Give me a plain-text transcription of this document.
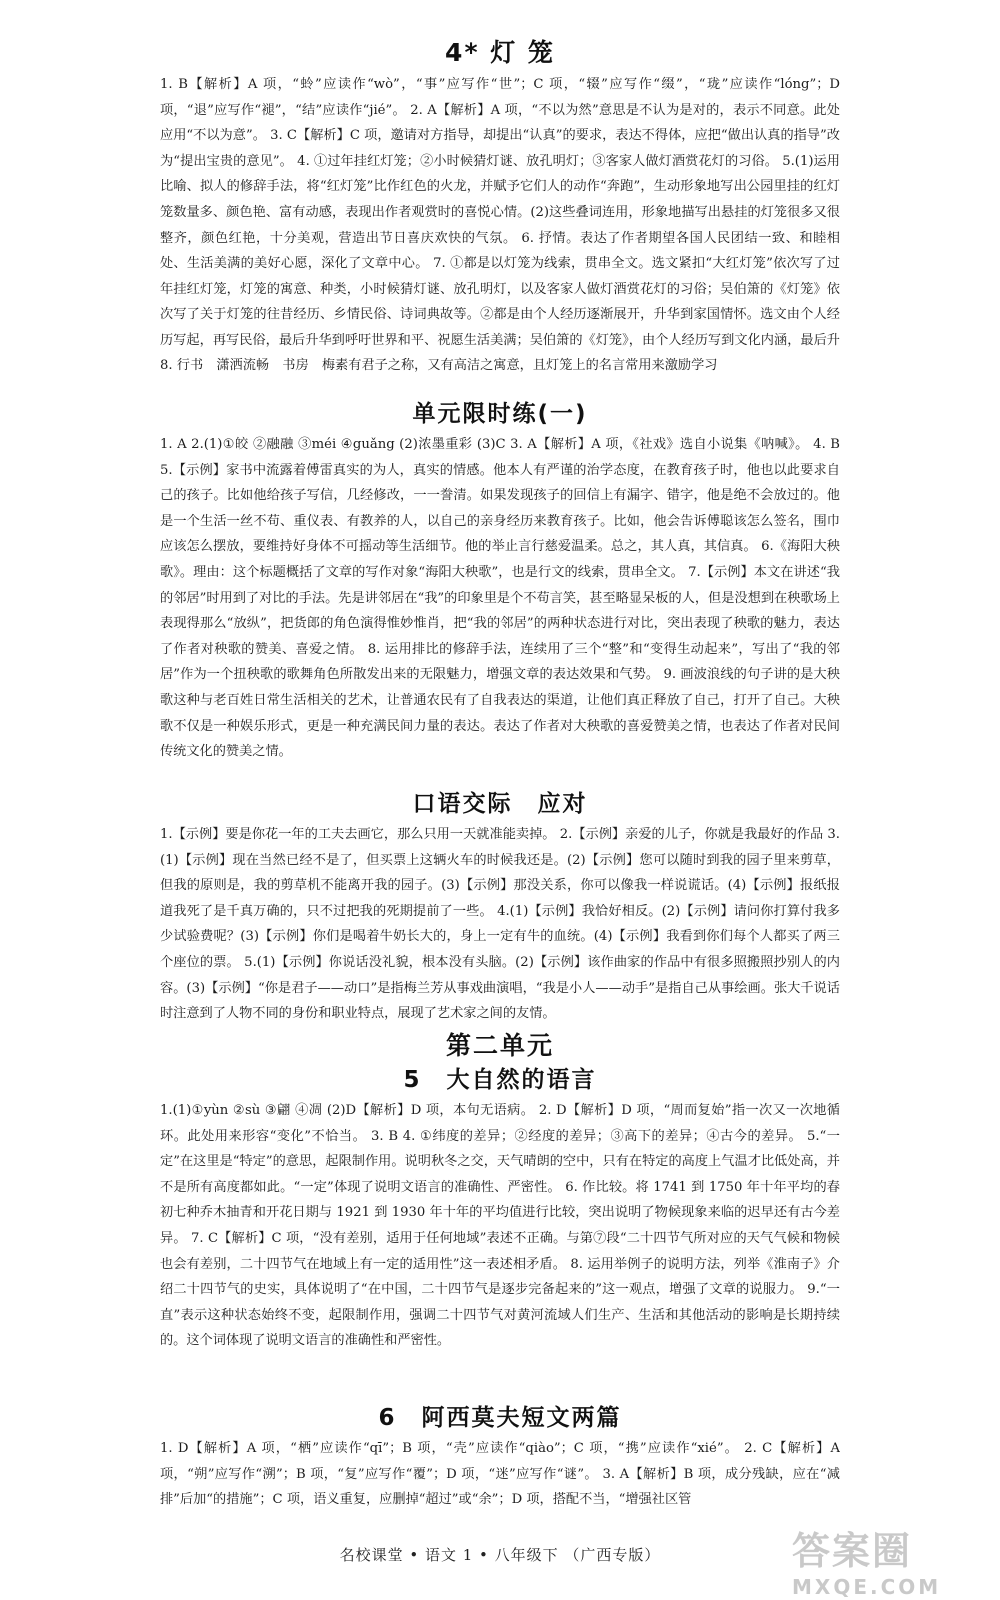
4* 灯 笼

1. B【解析】A 项，“蛉”应读作“wò”，“事”应写作“世”；C 项，“辍”应写作“缀”，“珑”应读作“lóng”；D项，“退”应写作“褪”，“结”应读作“jié”。 2. A【解析】A 项，“不以为然”意思是不认为是对的，表示不同意。此处应用“不以为意”。 3. C【解析】C 项，邀请对方指导，却提出“认真”的要求，表达不得体，应把“做出认真的指导”改为“提出宝贵的意见”。 4. ①过年挂红灯笼；②小时候猜灯谜、放孔明灯；③客家人做灯酒赏花灯的习俗。 5.(1)运用比喻、拟人的修辞手法，将“红灯笼”比作红色的火龙，并赋予它们人的动作“奔跑”，生动形象地写出公园里挂的红灯笼数量多、颜色艳、富有动感，表现出作者观赏时的喜悦心情。(2)这些叠词连用，形象地描写出悬挂的灯笼很多又很整齐，颜色红艳，十分美观，营造出节日喜庆欢快的气氛。 6. 抒情。表达了作者期望各国人民团结一致、和睦相处、生活美满的美好心愿，深化了文章中心。 7. ①都是以灯笼为线索，贯串全文。选文紧扣“大红灯笼”依次写了过年挂红灯笼，灯笼的寓意、种类，小时候猜灯谜、放孔明灯，以及客家人做灯酒赏花灯的习俗；吴伯箫的《灯笼》依次写了关于灯笼的往昔经历、乡情民俗、诗词典故等。②都是由个人经历逐渐展开，升华到家国情怀。选文由个人经历写起，再写民俗，最后升华到呼吁世界和平、祝愿生活美满；吴伯箫的《灯笼》，由个人经历写到文化内涵，最后升

8. 行书　潇洒流畅　书房　梅素有君子之称，又有高洁之寓意，且灯笼上的名言常用来激励学习

单元限时练(一)

1. A 2.(1)①皎 ②融融 ③méi ④guǎng (2)浓墨重彩 (3)C 3. A【解析】A 项，《社戏》选自小说集《呐喊》。 4. B 5.【示例】家书中流露着傅雷真实的为人，真实的情感。他本人有严谨的治学态度，在教育孩子时，他也以此要求自己的孩子。比如他给孩子写信，几经修改，一一誊清。如果发现孩子的回信上有漏字、错字，他是绝不会放过的。他是一个生活一丝不苟、重仪表、有教养的人，以自己的亲身经历来教育孩子。比如，他会告诉傅聪该怎么签名，围巾应该怎么摆放，要维持好身体不可摇动等生活细节。他的举止言行慈爱温柔。总之，其人真，其信真。 6.《海阳大秧歌》。理由：这个标题概括了文章的写作对象“海阳大秧歌”，也是行文的线索，贯串全文。 7.【示例】本文在讲述“我的邻居”时用到了对比的手法。先是讲邻居在“我”的印象里是个不苟言笑，甚至略显呆板的人，但是没想到在秧歌场上表现得那么“放纵”，把货郎的角色演得惟妙惟肖，把“我的邻居”的两种状态进行对比，突出表现了秧歌的魅力，表达了作者对秧歌的赞美、喜爱之情。 8. 运用排比的修辞手法，连续用了三个“整”和“变得生动起来”，写出了“我的邻居”作为一个扭秧歌的歌舞角色所散发出来的无限魅力，增强文章的表达效果和气势。 9. 画波浪线的句子讲的是大秧歌这种与老百姓日常生活相关的艺术，让普通农民有了自我表达的渠道，让他们真正释放了自己，打开了自己。大秧歌不仅是一种娱乐形式，更是一种充满民间力量的表达。表达了作者对大秧歌的喜爱赞美之情，也表达了作者对民间传统文化的赞美之情。

口语交际　应对

1.【示例】要是你花一年的工夫去画它，那么只用一天就准能卖掉。 2.【示例】亲爱的儿子，你就是我最好的作品 3.(1)【示例】现在当然已经不是了，但买票上这辆火车的时候我还是。(2)【示例】您可以随时到我的园子里来剪草，但我的原则是，我的剪草机不能离开我的园子。(3)【示例】那没关系，你可以像我一样说谎话。(4)【示例】报纸报道我死了是千真万确的，只不过把我的死期提前了一些。 4.(1)【示例】我恰好相反。(2)【示例】请问你打算付我多少试验费呢？(3)【示例】你们是喝着牛奶长大的，身上一定有牛的血统。(4)【示例】我看到你们每个人都买了两三个座位的票。 5.(1)【示例】你说话没礼貌，根本没有头脑。(2)【示例】该作曲家的作品中有很多照搬照抄别人的内容。(3)【示例】“你是君子——动口”是指梅兰芳从事戏曲演唱，“我是小人——动手”是指自己从事绘画。张大千说话时注意到了人物不同的身份和职业特点，展现了艺术家之间的友情。

第二单元
5　大自然的语言

1.(1)①yùn ②sù ③翩 ④凋 (2)D【解析】D 项，本句无语病。 2. D【解析】D 项，“周而复始”指一次又一次地循环。此处用来形容“变化”不恰当。 3. B 4. ①纬度的差异；②经度的差异；③高下的差异；④古今的差异。 5.“一定”在这里是“特定”的意思，起限制作用。说明秋冬之交，天气晴朗的空中，只有在特定的高度上气温才比低处高，并不是所有高度都如此。“一定”体现了说明文语言的准确性、严密性。 6. 作比较。将 1741 到 1750 年十年平均的春初七种乔木抽青和开花日期与 1921 到 1930 年十年的平均值进行比较，突出说明了物候现象来临的迟早还有古今差异。 7. C【解析】C 项，“没有差别，适用于任何地域”表述不正确。与第⑦段“二十四节气所对应的天气气候和物候也会有差别，二十四节气在地域上有一定的适用性”这一表述相矛盾。 8. 运用举例子的说明方法，列举《淮南子》介绍二十四节气的史实，具体说明了“在中国，二十四节气是逐步完备起来的”这一观点，增强了文章的说服力。 9.“一直”表示这种状态始终不变，起限制作用，强调二十四节气对黄河流域人们生产、生活和其他活动的影响是长期持续的。这个词体现了说明文语言的准确性和严密性。

6　阿西莫夫短文两篇

1. D【解析】A 项，“栖”应读作“qī”；B 项，“壳”应读作“qiào”；C 项，“携”应读作“xié”。 2. C【解析】A 项，“朔”应写作“溯”；B 项，“复”应写作“覆”；D 项，“迷”应写作“谜”。 3. A【解析】B 项，成分残缺，应在“减排”后加“的措施”；C 项，语义重复，应删掉“超过”或“余”；D 项，搭配不当，“增强社区管

名校课堂 • 语文 1 • 八年级下 （广西专版）	答案圈
MXQE.COM
